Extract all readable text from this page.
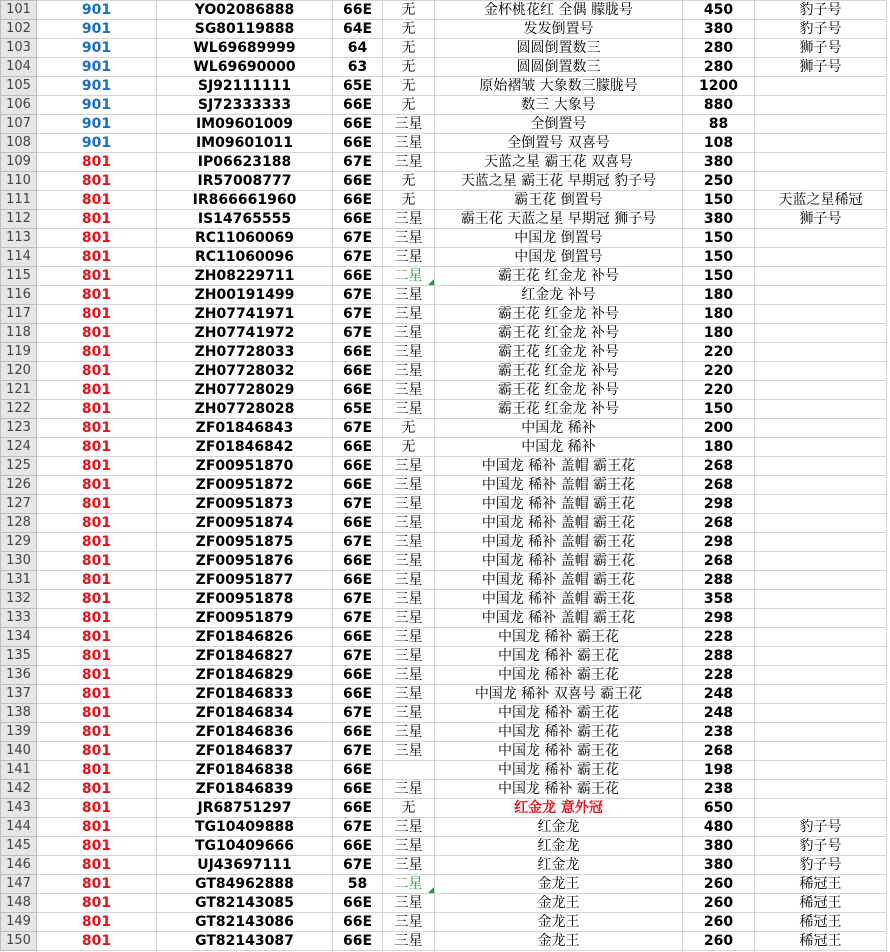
101	901	YO02086888	66E	无	金杯桃花红 全偶 朦胧号	450	豹子号
102	901	SG80119888	64E	无	发发倒置号	380	豹子号
103	901	WL69689999	64	无	圆圆倒置数三	280	狮子号
104	901	WL69690000	63	无	圆圆倒置数三	280	狮子号
105	901	SJ92111111	65E	无	原始褶皱 大象数三朦胧号	1200	
106	901	SJ72333333	66E	无	数三 大象号	880	
107	901	IM09601009	66E	三星	全倒置号	88	
108	901	IM09601011	66E	三星	全倒置号 双喜号	108	
109	801	IP06623188	67E	三星	天蓝之星 霸王花 双喜号	380	
110	801	IR57008777	66E	无	天蓝之星 霸王花 早期冠 豹子号	250	
111	801	IR866661960	66E	无	霸王花 倒置号	150	天蓝之星稀冠
112	801	IS14765555	66E	三星	霸王花 天蓝之星 早期冠 狮子号	380	狮子号
113	801	RC11060069	67E	三星	中国龙 倒置号	150	
114	801	RC11060096	67E	三星	中国龙 倒置号	150	
115	801	ZH08229711	66E	二星	霸王花 红金龙 补号	150	
116	801	ZH00191499	67E	三星	红金龙 补号	180	
117	801	ZH07741971	67E	三星	霸王花 红金龙 补号	180	
118	801	ZH07741972	67E	三星	霸王花 红金龙 补号	180	
119	801	ZH07728033	66E	三星	霸王花 红金龙 补号	220	
120	801	ZH07728032	66E	三星	霸王花 红金龙 补号	220	
121	801	ZH07728029	66E	三星	霸王花 红金龙 补号	220	
122	801	ZH07728028	65E	三星	霸王花 红金龙 补号	150	
123	801	ZF01846843	67E	无	中国龙 稀补	200	
124	801	ZF01846842	66E	无	中国龙 稀补	180	
125	801	ZF00951870	66E	三星	中国龙 稀补 盖帽 霸王花	268	
126	801	ZF00951872	66E	三星	中国龙 稀补 盖帽 霸王花	268	
127	801	ZF00951873	67E	三星	中国龙 稀补 盖帽 霸王花	298	
128	801	ZF00951874	66E	三星	中国龙 稀补 盖帽 霸王花	268	
129	801	ZF00951875	67E	三星	中国龙 稀补 盖帽 霸王花	298	
130	801	ZF00951876	66E	三星	中国龙 稀补 盖帽 霸王花	268	
131	801	ZF00951877	66E	三星	中国龙 稀补 盖帽 霸王花	288	
132	801	ZF00951878	67E	三星	中国龙 稀补 盖帽 霸王花	358	
133	801	ZF00951879	67E	三星	中国龙 稀补 盖帽 霸王花	298	
134	801	ZF01846826	66E	三星	中国龙 稀补 霸王花	228	
135	801	ZF01846827	67E	三星	中国龙 稀补 霸王花	288	
136	801	ZF01846829	66E	三星	中国龙 稀补 霸王花	228	
137	801	ZF01846833	66E	三星	中国龙 稀补 双喜号 霸王花	248	
138	801	ZF01846834	67E	三星	中国龙 稀补 霸王花	248	
139	801	ZF01846836	66E	三星	中国龙 稀补 霸王花	238	
140	801	ZF01846837	67E	三星	中国龙 稀补 霸王花	268	
141	801	ZF01846838	66E		中国龙 稀补 霸王花	198	
142	801	ZF01846839	66E	三星	中国龙 稀补 霸王花	238	
143	801	JR68751297	66E	无	红金龙 意外冠	650	
144	801	TG10409888	67E	三星	红金龙	480	豹子号
145	801	TG10409666	66E	三星	红金龙	380	豹子号
146	801	UJ43697111	67E	三星	红金龙	380	豹子号
147	801	GT84962888	58	二星	金龙王	260	稀冠王
148	801	GT82143085	66E	三星	金龙王	260	稀冠王
149	801	GT82143086	66E	三星	金龙王	260	稀冠王
150	801	GT82143087	66E	三星	金龙王	260	稀冠王
